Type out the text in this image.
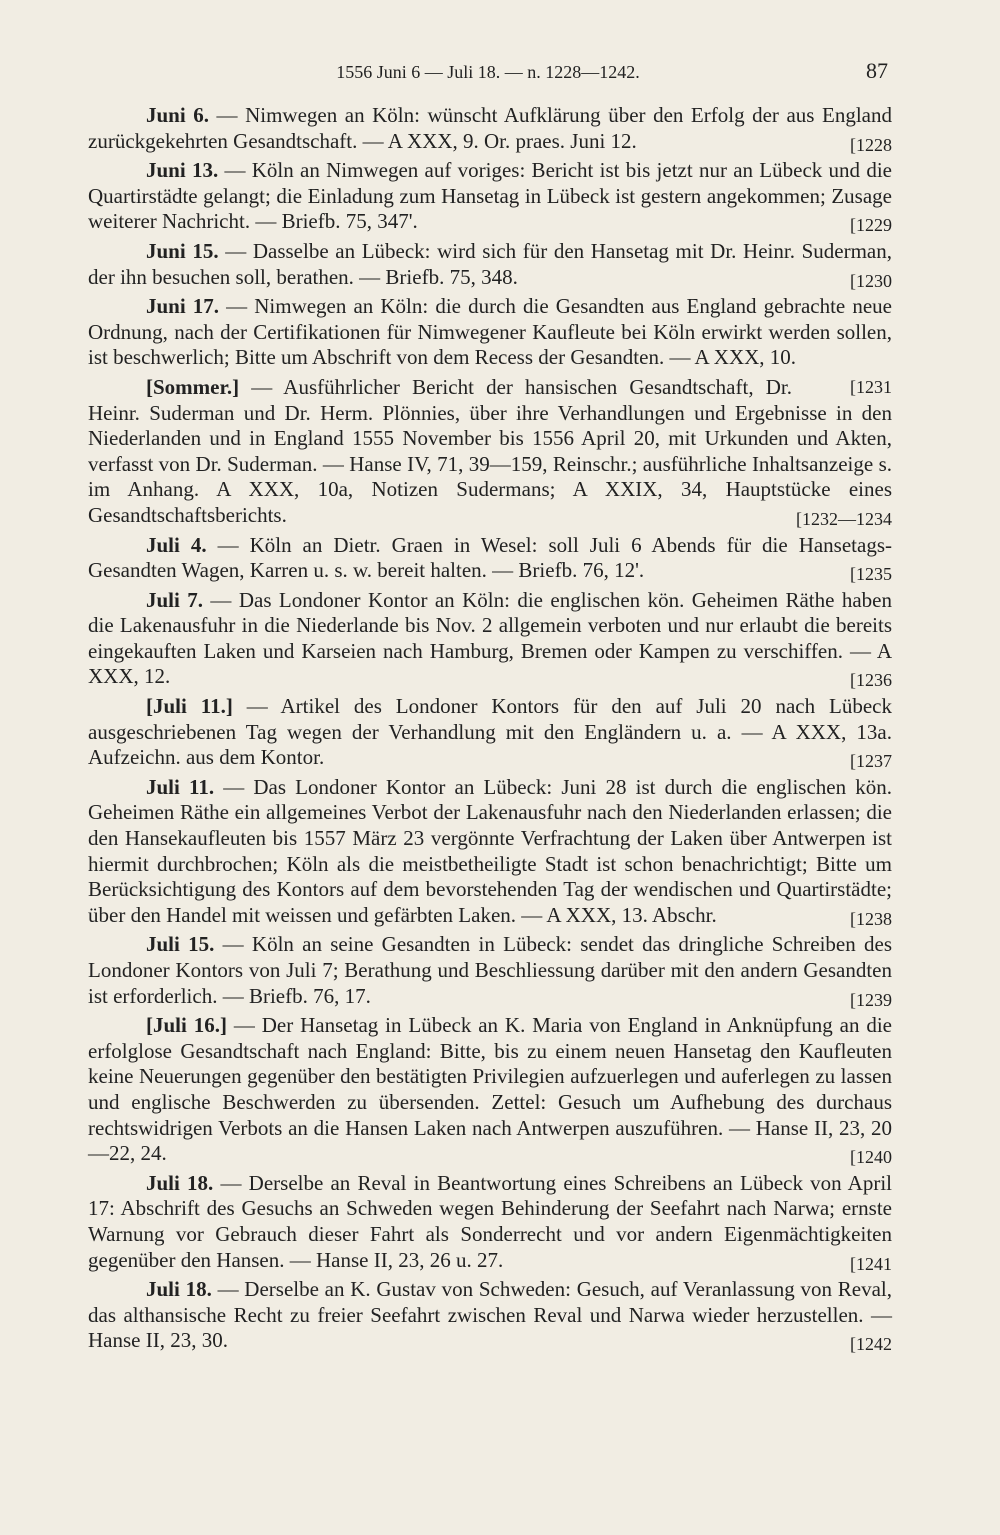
1556 Juni 6 — Juli 18. — n. 1228—1242.	87

Juni 6. — Nimwegen an Köln: wünscht Aufklärung über den Erfolg der aus England zurückgekehrten Gesandtschaft. — A XXX, 9. Or. praes. Juni 12.	[1228

Juni 13. — Köln an Nimwegen auf voriges: Bericht ist bis jetzt nur an Lübeck und die Quartirstädte gelangt; die Einladung zum Hansetag in Lübeck ist gestern angekommen; Zusage weiterer Nachricht. — Briefb. 75, 347'.	[1229

Juni 15. — Dasselbe an Lübeck: wird sich für den Hansetag mit Dr. Heinr. Suderman, der ihn besuchen soll, berathen. — Briefb. 75, 348.	[1230

Juni 17. — Nimwegen an Köln: die durch die Gesandten aus England gebrachte neue Ordnung, nach der Certifikationen für Nimwegener Kaufleute bei Köln erwirkt werden sollen, ist beschwerlich; Bitte um Abschrift von dem Recess der Gesandten. — A XXX, 10.
[1231

[Sommer.] — Ausführlicher Bericht der hansischen Gesandtschaft, Dr. Heinr. Suderman und Dr. Herm. Plönnies, über ihre Verhandlungen und Ergebnisse in den Niederlanden und in England 1555 November bis 1556 April 20, mit Urkunden und Akten, verfasst von Dr. Suderman. — Hanse IV, 71, 39—159, Reinschr.; ausführliche Inhaltsanzeige s. im Anhang. A XXX, 10a, Notizen Sudermans; A XXIX, 34, Hauptstücke eines Gesandtschaftsberichts.	[1232—1234

Juli 4. — Köln an Dietr. Graen in Wesel: soll Juli 6 Abends für die Hansetags-Gesandten Wagen, Karren u. s. w. bereit halten. — Briefb. 76, 12'.	[1235

Juli 7. — Das Londoner Kontor an Köln: die englischen kön. Geheimen Räthe haben die Lakenausfuhr in die Niederlande bis Nov. 2 allgemein verboten und nur erlaubt die bereits eingekauften Laken und Karseien nach Hamburg, Bremen oder Kampen zu verschiffen. — A XXX, 12.	[1236

[Juli 11.] — Artikel des Londoner Kontors für den auf Juli 20 nach Lübeck ausgeschriebenen Tag wegen der Verhandlung mit den Engländern u. a. — A XXX, 13a. Aufzeichn. aus dem Kontor.	[1237

Juli 11. — Das Londoner Kontor an Lübeck: Juni 28 ist durch die englischen kön. Geheimen Räthe ein allgemeines Verbot der Lakenausfuhr nach den Niederlanden erlassen; die den Hansekaufleuten bis 1557 März 23 vergönnte Verfrachtung der Laken über Antwerpen ist hiermit durchbrochen; Köln als die meistbetheiligte Stadt ist schon benachrichtigt; Bitte um Berücksichtigung des Kontors auf dem bevorstehenden Tag der wendischen und Quartirstädte; über den Handel mit weissen und gefärbten Laken. — A XXX, 13. Abschr.	[1238

Juli 15. — Köln an seine Gesandten in Lübeck: sendet das dringliche Schreiben des Londoner Kontors von Juli 7; Berathung und Beschliessung darüber mit den andern Gesandten ist erforderlich. — Briefb. 76, 17.	[1239

[Juli 16.] — Der Hansetag in Lübeck an K. Maria von England in Anknüpfung an die erfolglose Gesandtschaft nach England: Bitte, bis zu einem neuen Hansetag den Kaufleuten keine Neuerungen gegenüber den bestätigten Privilegien aufzuerlegen und auferlegen zu lassen und englische Beschwerden zu übersenden. Zettel: Gesuch um Aufhebung des durchaus rechtswidrigen Verbots an die Hansen Laken nach Antwerpen auszuführen. — Hanse II, 23, 20—22, 24.	[1240

Juli 18. — Derselbe an Reval in Beantwortung eines Schreibens an Lübeck von April 17: Abschrift des Gesuchs an Schweden wegen Behinderung der Seefahrt nach Narwa; ernste Warnung vor Gebrauch dieser Fahrt als Sonderrecht und vor andern Eigenmächtigkeiten gegenüber den Hansen. — Hanse II, 23, 26 u. 27.	[1241

Juli 18. — Derselbe an K. Gustav von Schweden: Gesuch, auf Veranlassung von Reval, das althansische Recht zu freier Seefahrt zwischen Reval und Narwa wieder herzustellen. — Hanse II, 23, 30.	[1242
